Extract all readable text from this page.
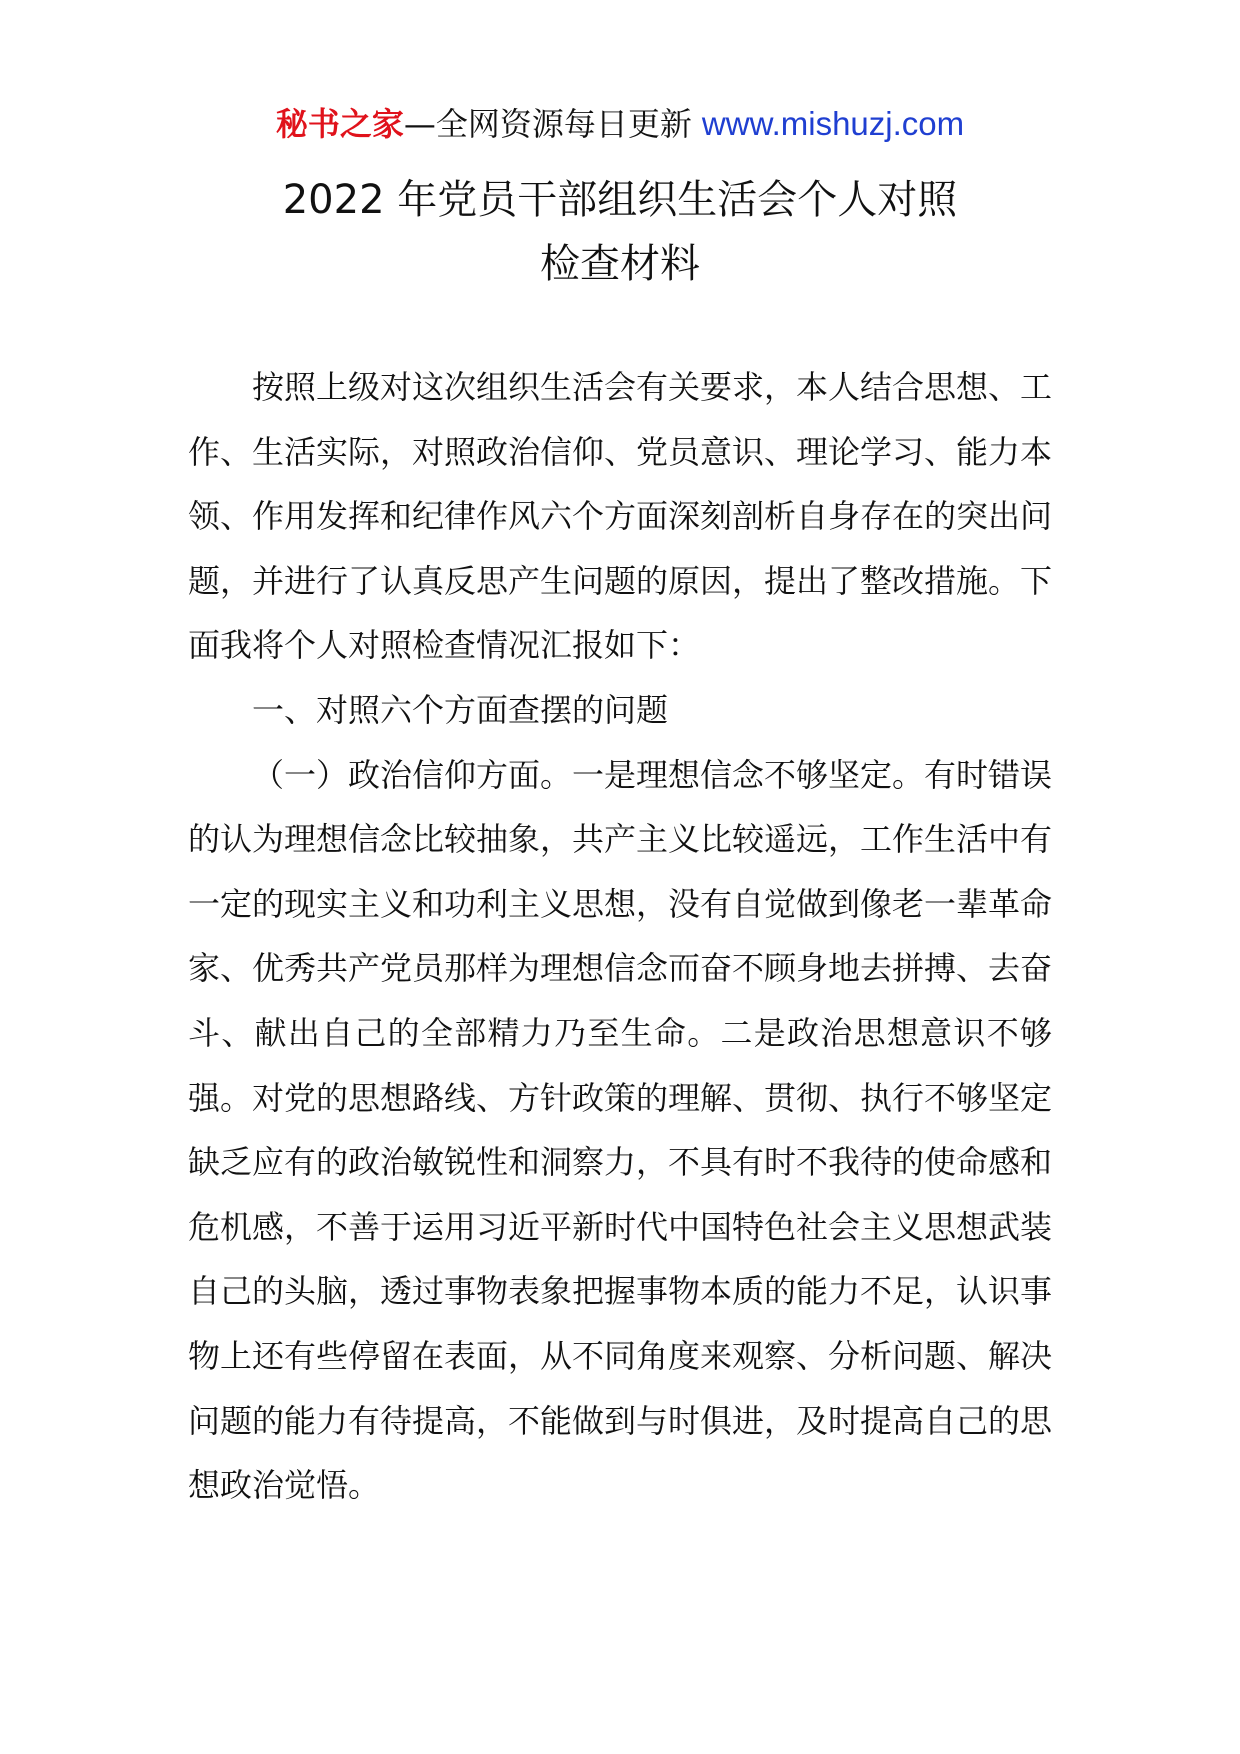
秘书之家—全网资源每日更新 www.mishuzj.com
2022 年党员干部组织生活会个人对照
检查材料

按照上级对这次组织生活会有关要求，本人结合思想、工作、生活实际，对照政治信仰、党员意识、理论学习、能力本领、作用发挥和纪律作风六个方面深刻剖析自身存在的突出问题，并进行了认真反思产生问题的原因，提出了整改措施。下面我将个人对照检查情况汇报如下：

一、对照六个方面查摆的问题

（一）政治信仰方面。一是理想信念不够坚定。有时错误的认为理想信念比较抽象，共产主义比较遥远，工作生活中有一定的现实主义和功利主义思想，没有自觉做到像老一辈革命家、优秀共产党员那样为理想信念而奋不顾身地去拼搏、去奋斗、献出自己的全部精力乃至生命。二是政治思想意识不够强。对党的思想路线、方针政策的理解、贯彻、执行不够坚定缺乏应有的政治敏锐性和洞察力，不具有时不我待的使命感和危机感，不善于运用习近平新时代中国特色社会主义思想武装自己的头脑，透过事物表象把握事物本质的能力不足，认识事物上还有些停留在表面，从不同角度来观察、分析问题、解决问题的能力有待提高，不能做到与时俱进，及时提高自己的思想政治觉悟。
